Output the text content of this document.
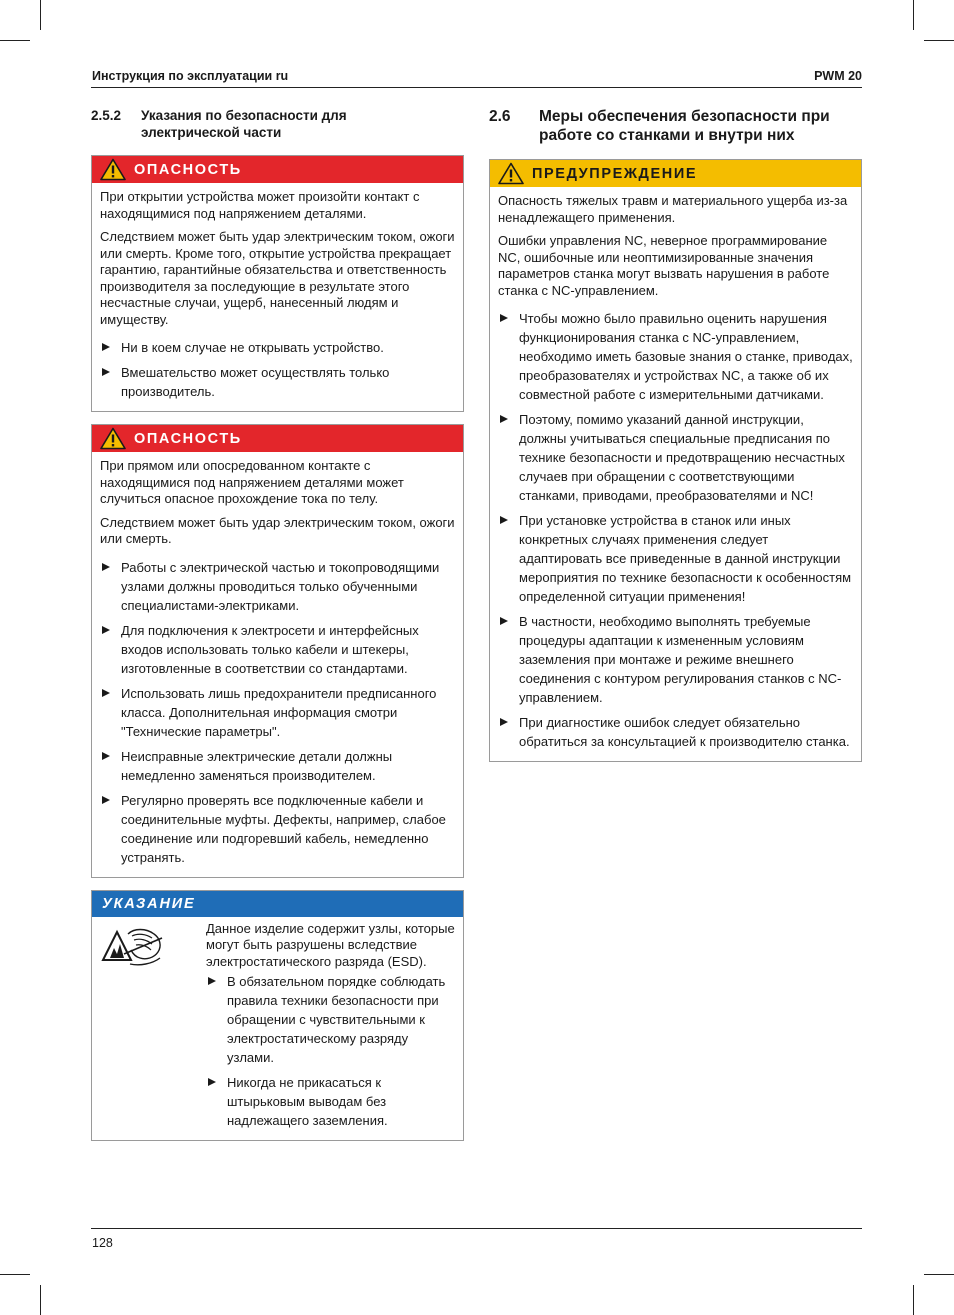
Инструкция по эксплуатации ru	PWM 20
2.5.2	Указания по безопасности для
электрической части
ОПАСНОСТЬ

При открытии устройства может произойти контакт с находящимися под напряжением деталями.

Следствием может быть удар электрическим током, ожоги или смерть. Кроме того, открытие устройства прекращает гарантию, гарантийные обязательства и ответственность производителя за последующие в результате этого несчастные случаи, ущерб, нанесенный людям и имуществу.

Ни в коем случае не открывать устройство.
Вмешательство может осуществлять только производитель.
ОПАСНОСТЬ

При прямом или опосредованном контакте с находящимися под напряжением деталями может случиться опасное прохождение тока по телу.

Следствием может быть удар электрическим током, ожоги или смерть.

Работы с электрической частью и токопроводящими узлами должны проводиться только обученными специалистами-электриками.
Для подключения к электросети и интерфейсных входов использовать только кабели и штекеры, изготовленные в соответствии со стандартами.
Использовать лишь предохранители предписанного класса. Дополнительная информация смотри "Технические параметры".
Неисправные электрические детали должны немедленно заменяться производителем.
Регулярно проверять все подключенные кабели и соединительные муфты. Дефекты, например, слабое соединение или подгоревший кабель, немедленно устранять.
УКАЗАНИЕ

Данное изделие содержит узлы, которые могут быть разрушены вследствие электростатического разряда (ESD).

В обязательном порядке соблюдать правила техники безопасности при обращении с чувствительными к электростатическому разряду узлами.
Никогда не прикасаться к штырьковым выводам без надлежащего заземления.
2.6	Меры обеспечения безопасности при
работе со станками и внутри них
ПРЕДУПРЕЖДЕНИЕ

Опасность тяжелых травм и материального ущерба из-за ненадлежащего применения.

Ошибки управления NC, неверное программирование NC, ошибочные или неоптимизированные значения параметров станка могут вызвать нарушения в работе станка с NC-управлением.

Чтобы можно было правильно оценить нарушения функционирования станка с NC-управлением, необходимо иметь базовые знания о станке, приводах, преобразователях и устройствах NC, а также об их совместной работе с измерительными датчиками.
Поэтому, помимо указаний данной инструкции, должны учитываться специальные предписания по технике безопасности и предотвращению несчастных случаев при обращении с соответствующими станками, приводами, преобразователями и NC!
При установке устройства в станок или иных конкретных случаях применения следует адаптировать все приведенные в данной инструкции мероприятия по технике безопасности к особенностям определенной ситуации применения!
В частности, необходимо выполнять требуемые процедуры адаптации к измененным условиям заземления при монтаже и режиме внешнего соединения с контуром регулирования станков с NC-управлением.
При диагностике ошибок следует обязательно обратиться за консультацией к производителю станка.
128
